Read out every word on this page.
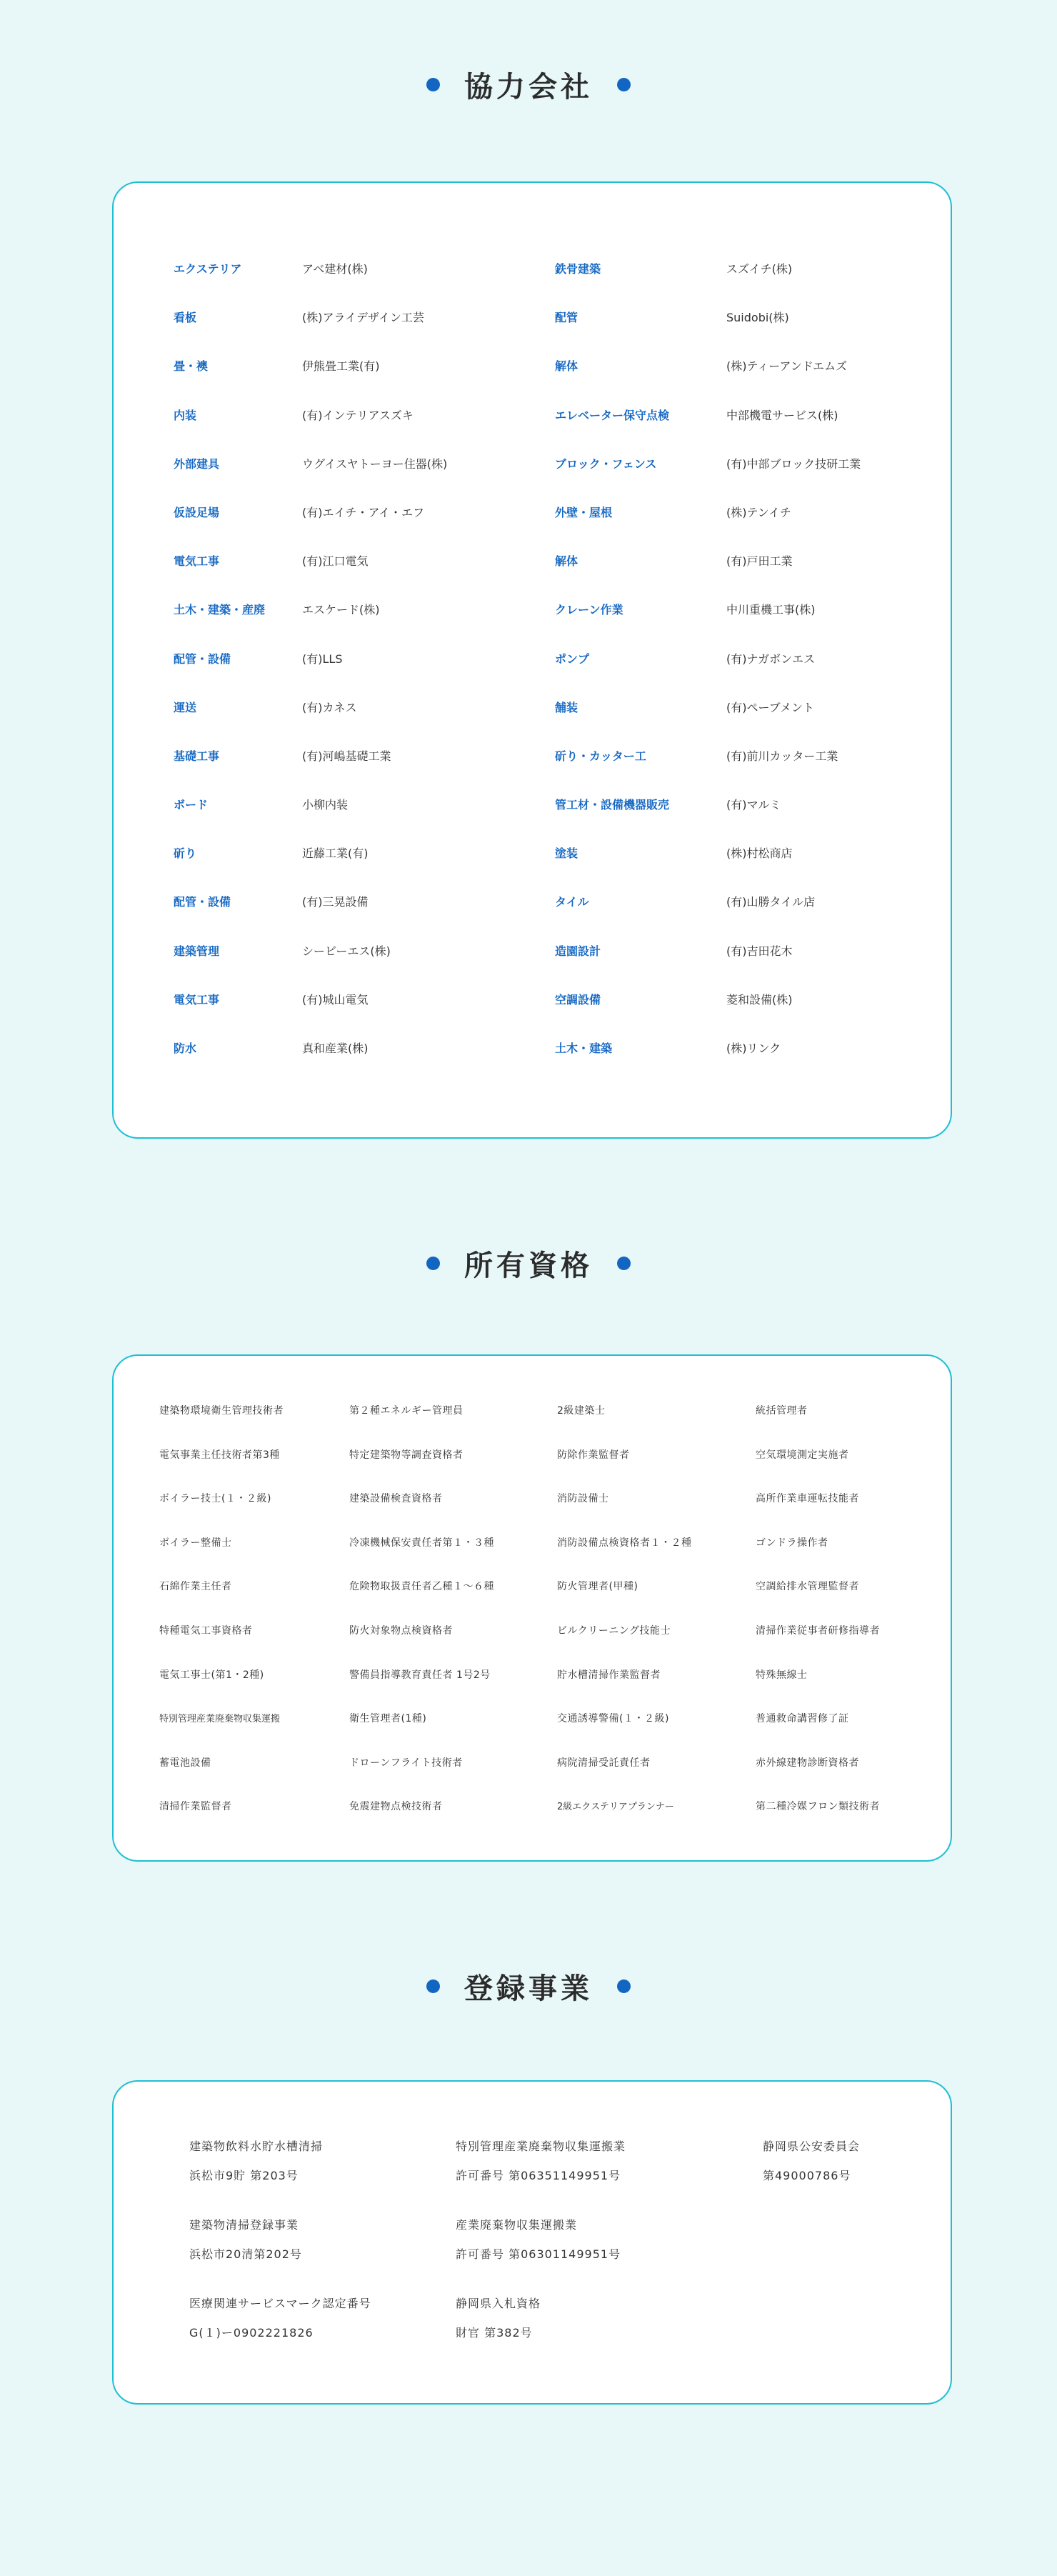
協力会社
エクステリア	アベ建材(株)	鉄骨建築	スズイチ(株)
看板	(株)アライデザイン工芸	配管	Suidobi(株)
畳・襖	伊熊畳工業(有)	解体	(株)ティーアンドエムズ
内装	(有)インテリアスズキ	エレベーター保守点検	中部機電サービス(株)
外部建具	ウグイスヤトーヨー住器(株)	ブロック・フェンス	(有)中部ブロック技研工業
仮設足場	(有)エイチ・アイ・エフ	外壁・屋根	(株)テンイチ
電気工事	(有)江口電気	解体	(有)戸田工業
土木・建築・産廃	エスケード(株)	クレーン作業	中川重機工事(株)
配管・設備	(有)LLS	ポンプ	(有)ナガボンエス
運送	(有)カネス	舗装	(有)ペーブメント
基礎工事	(有)河嶋基礎工業	斫り・カッター工	(有)前川カッター工業
ボード	小柳内装	管工材・設備機器販売	(有)マルミ
斫り	近藤工業(有)	塗装	(株)村松商店
配管・設備	(有)三晃設備	タイル	(有)山勝タイル店
建築管理	シービーエス(株)	造園設計	(有)吉田花木
電気工事	(有)城山電気	空調設備	菱和設備(株)
防水	真和産業(株)	土木・建築	(株)リンク
所有資格
建築物環境衛生管理技術者	第２種エネルギー管理員	2級建築士	統括管理者
電気事業主任技術者第3種	特定建築物等調査資格者	防除作業監督者	空気環境測定実施者
ボイラー技士(１・２級)	建築設備検査資格者	消防設備士	高所作業車運転技能者
ボイラー整備士	冷凍機械保安責任者第１・３種	消防設備点検資格者１・２種	ゴンドラ操作者
石綿作業主任者	危険物取扱責任者乙種１〜６種	防火管理者(甲種)	空調給排水管理監督者
特種電気工事資格者	防火対象物点検資格者	ビルクリーニング技能士	清掃作業従事者研修指導者
電気工事士(第1・2種)	警備員指導教育責任者 1号2号	貯水槽清掃作業監督者	特殊無線士
特別管理産業廃棄物収集運搬	衛生管理者(1種)	交通誘導警備(１・２級)	普通救命講習修了証
蓄電池設備	ドローンフライト技術者	病院清掃受託責任者	赤外線建物診断資格者
清掃作業監督者	免震建物点検技術者	2級エクステリアプランナー	第二種冷媒フロン類技術者
登録事業
建築物飲料水貯水槽清掃
浜松市9貯 第203号
特別管理産業廃棄物収集運搬業
許可番号 第06351149951号
静岡県公安委員会
第49000786号
建築物清掃登録事業
浜松市20清第202号
産業廃棄物収集運搬業
許可番号 第06301149951号
医療関連サービスマーク認定番号
G(１)ー0902221826
静岡県入札資格
財官 第382号
